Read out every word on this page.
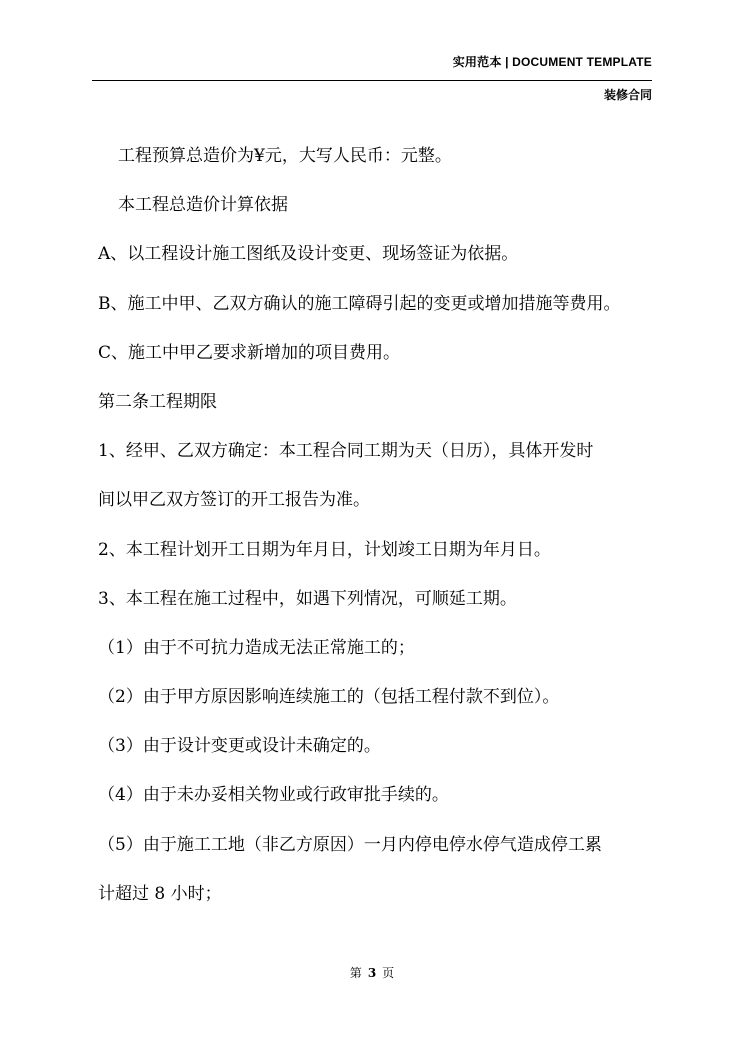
实用范本 | DOCUMENT TEMPLATE
装修合同
工程预算总造价为¥元，大写人民币：元整。
本工程总造价计算依据
A、以工程设计施工图纸及设计变更、现场签证为依据。
B、施工中甲、乙双方确认的施工障碍引起的变更或增加措施等费用。
C、施工中甲乙要求新增加的项目费用。
第二条工程期限
1、经甲、乙双方确定：本工程合同工期为天（日历），具体开发时
间以甲乙双方签订的开工报告为准。
2、本工程计划开工日期为年月日，计划竣工日期为年月日。
3、本工程在施工过程中，如遇下列情况，可顺延工期。
（1）由于不可抗力造成无法正常施工的；
（2）由于甲方原因影响连续施工的（包括工程付款不到位）。
（3）由于设计变更或设计未确定的。
（4）由于未办妥相关物业或行政审批手续的。
（5）由于施工工地（非乙方原因）一月内停电停水停气造成停工累
计超过 8 小时；
第 3 页
